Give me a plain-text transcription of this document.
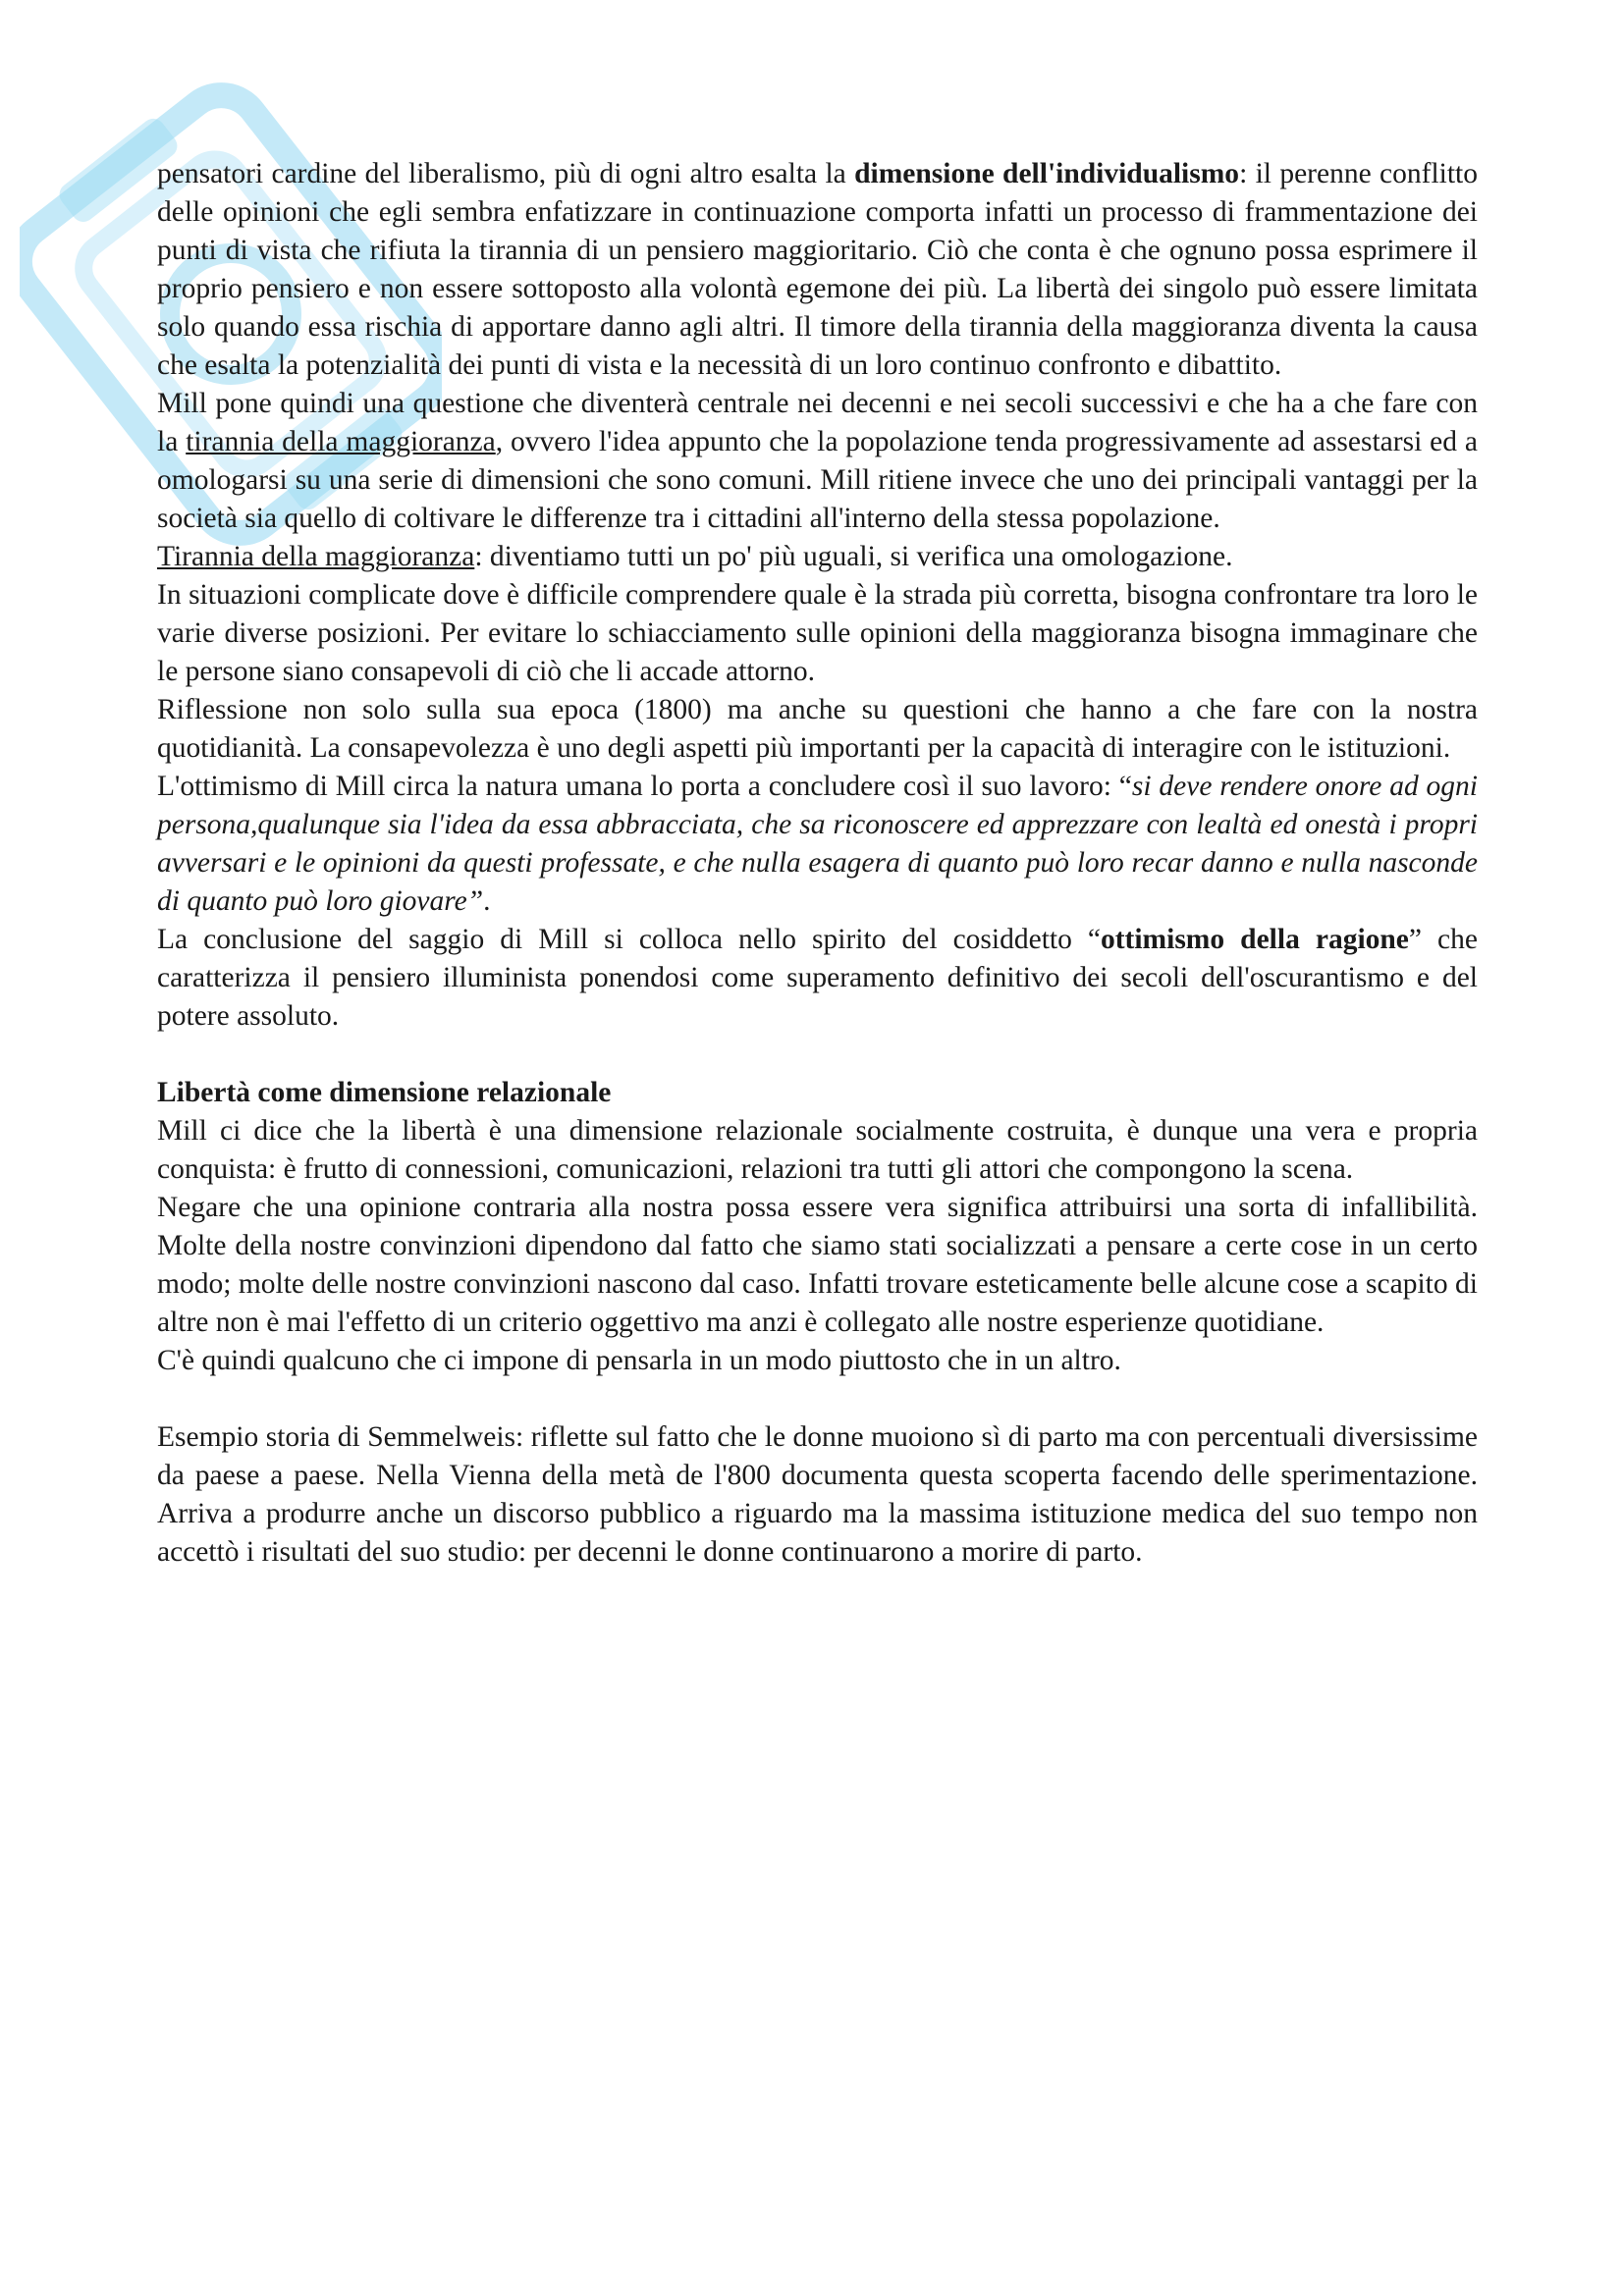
pensatori cardine del liberalismo, più di ogni altro esalta la dimensione dell'individualismo: il perenne conflitto delle opinioni che egli sembra enfatizzare in continuazione comporta infatti un processo di frammentazione dei punti di vista che rifiuta la tirannia di un pensiero maggioritario. Ciò che conta è che ognuno possa esprimere il proprio pensiero e non essere sottoposto alla volontà egemone dei più. La libertà dei singolo può essere limitata solo quando essa rischia di apportare danno agli altri. Il timore della tirannia della maggioranza diventa la causa che esalta la potenzialità dei punti di vista e la necessità di un loro continuo confronto e dibattito.

Mill pone quindi una questione che diventerà centrale nei decenni e nei secoli successivi e che ha a che fare con la tirannia della maggioranza, ovvero l'idea appunto che la popolazione tenda progressivamente ad assestarsi ed a omologarsi su una serie di dimensioni che sono comuni. Mill ritiene invece che uno dei principali vantaggi per la società sia quello di coltivare le differenze tra i cittadini all'interno della stessa popolazione.

Tirannia della maggioranza: diventiamo tutti un po' più uguali, si verifica una omologazione.

In situazioni complicate dove è difficile comprendere quale è la strada più corretta, bisogna confrontare tra loro le varie diverse posizioni. Per evitare lo schiacciamento sulle opinioni della maggioranza bisogna immaginare che le persone siano consapevoli di ciò che li accade attorno.

Riflessione non solo sulla sua epoca (1800) ma anche su questioni che hanno a che fare con la nostra quotidianità. La consapevolezza è uno degli aspetti più importanti per la capacità di interagire con le istituzioni.

L'ottimismo di Mill circa la natura umana lo porta a concludere così il suo lavoro: “si deve rendere onore ad ogni persona,qualunque sia l'idea da essa abbracciata, che sa riconoscere ed apprezzare con lealtà ed onestà i propri avversari e le opinioni da questi professate, e che nulla esagera di quanto può loro recar danno e nulla nasconde di quanto può loro giovare”.

La conclusione del saggio di Mill si colloca nello spirito del cosiddetto “ottimismo della ragione” che caratterizza il pensiero illuminista ponendosi come superamento definitivo dei secoli dell'oscurantismo e del potere assoluto.

Libertà come dimensione relazionale

Mill ci dice che la libertà è una dimensione relazionale socialmente costruita, è dunque una vera e propria conquista: è frutto di connessioni, comunicazioni, relazioni tra tutti gli attori che compongono la scena.

Negare che una opinione contraria alla nostra possa essere vera significa attribuirsi una sorta di infallibilità. Molte della nostre convinzioni dipendono dal fatto che siamo stati socializzati a pensare a certe cose in un certo modo; molte delle nostre convinzioni nascono dal caso. Infatti trovare esteticamente belle alcune cose a scapito di altre non è mai l'effetto di un criterio oggettivo ma anzi è collegato alle nostre esperienze quotidiane.

C'è quindi qualcuno che ci impone di pensarla in un modo piuttosto che in un altro.

Esempio storia di Semmelweis: riflette sul fatto che le donne muoiono sì di parto ma con percentuali diversissime da paese a paese. Nella Vienna della metà de l'800 documenta questa scoperta facendo delle sperimentazione. Arriva a produrre anche un discorso pubblico a riguardo ma la massima istituzione medica del suo tempo non accettò i risultati del suo studio: per decenni le donne continuarono a morire di parto.
